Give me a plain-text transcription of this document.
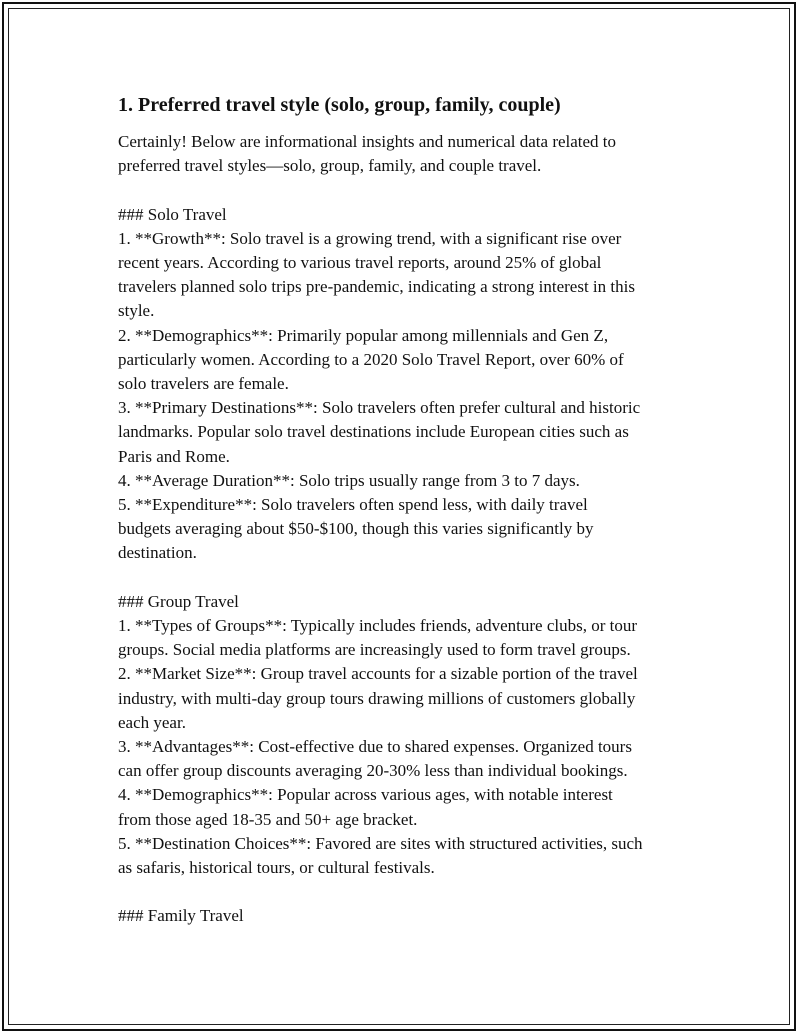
1. Preferred travel style (solo, group, family, couple)
Certainly! Below are informational insights and numerical data related to
preferred travel styles—solo, group, family, and couple travel.
### Solo Travel
1. **Growth**: Solo travel is a growing trend, with a significant rise over
recent years. According to various travel reports, around 25% of global
travelers planned solo trips pre-pandemic, indicating a strong interest in this
style.
2. **Demographics**: Primarily popular among millennials and Gen Z,
particularly women. According to a 2020 Solo Travel Report, over 60% of
solo travelers are female.
3. **Primary Destinations**: Solo travelers often prefer cultural and historic
landmarks. Popular solo travel destinations include European cities such as
Paris and Rome.
4. **Average Duration**: Solo trips usually range from 3 to 7 days.
5. **Expenditure**: Solo travelers often spend less, with daily travel
budgets averaging about $50-$100, though this varies significantly by
destination.
### Group Travel
1. **Types of Groups**: Typically includes friends, adventure clubs, or tour
groups. Social media platforms are increasingly used to form travel groups.
2. **Market Size**: Group travel accounts for a sizable portion of the travel
industry, with multi-day group tours drawing millions of customers globally
each year.
3. **Advantages**: Cost-effective due to shared expenses. Organized tours
can offer group discounts averaging 20-30% less than individual bookings.
4. **Demographics**: Popular across various ages, with notable interest
from those aged 18-35 and 50+ age bracket.
5. **Destination Choices**: Favored are sites with structured activities, such
as safaris, historical tours, or cultural festivals.
### Family Travel
